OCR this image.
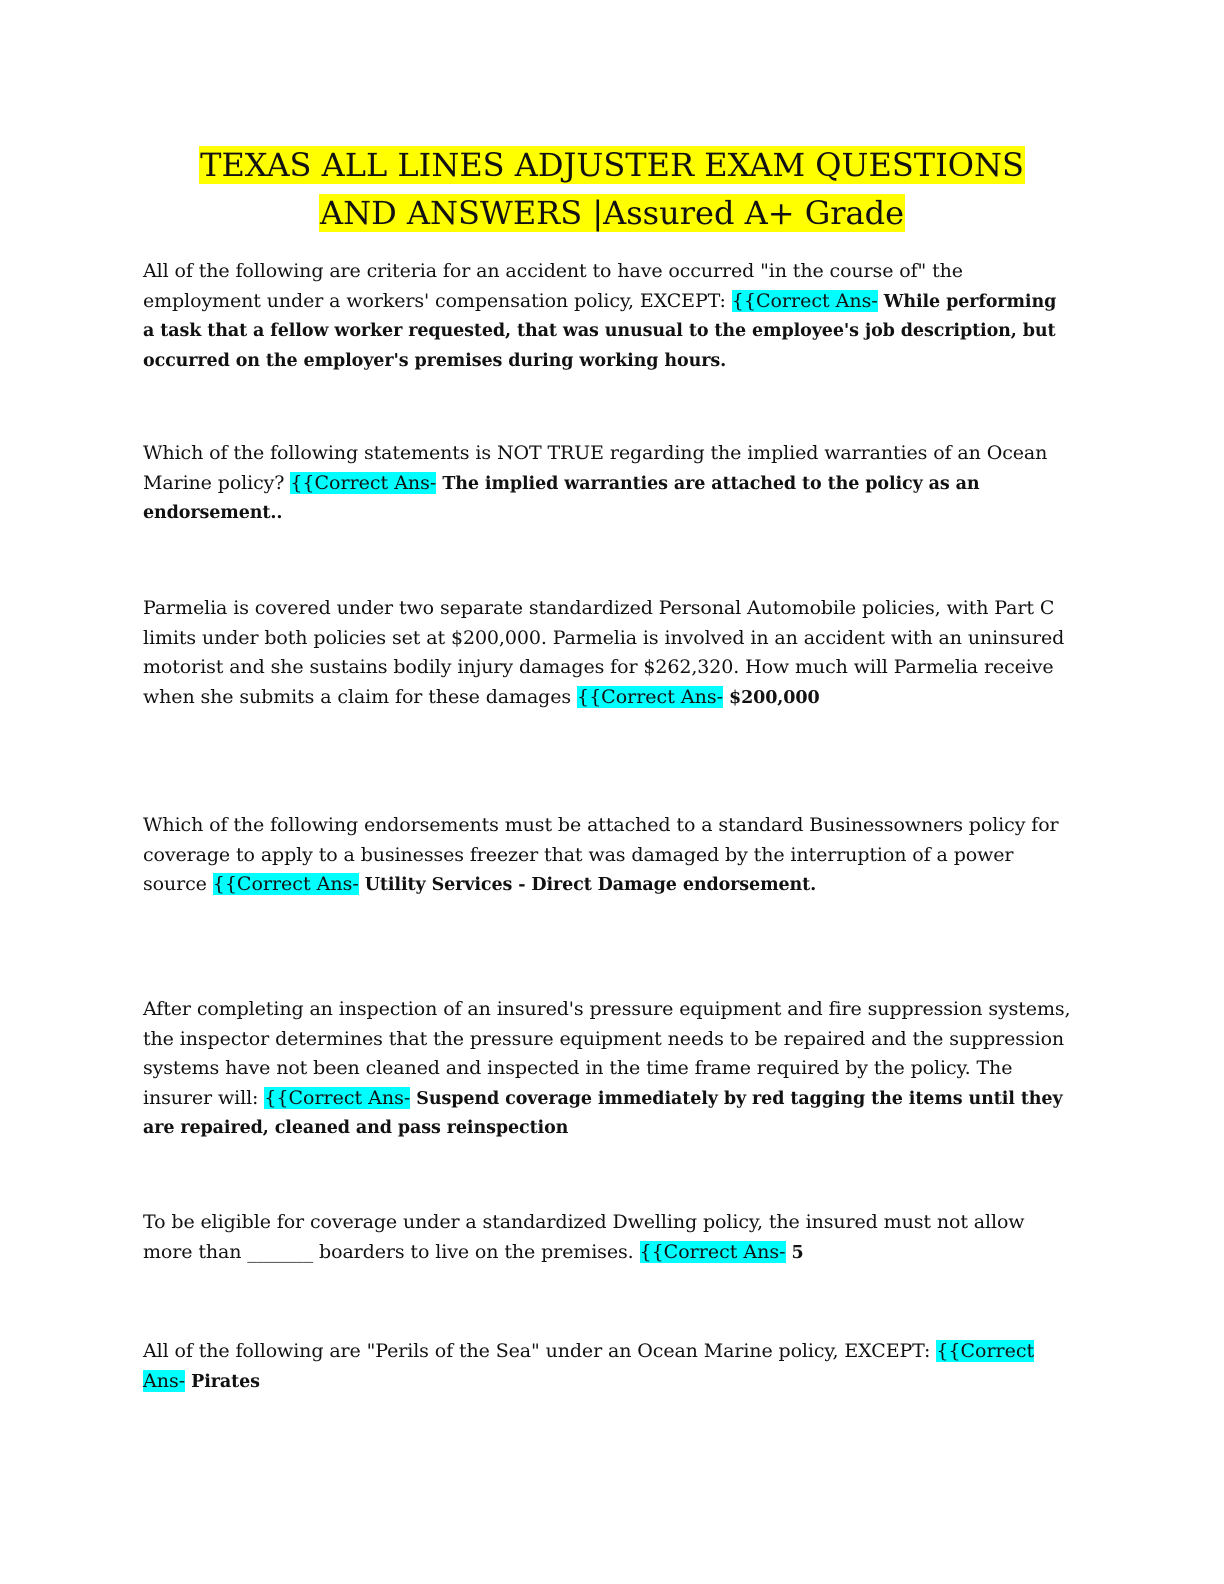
TEXAS ALL LINES ADJUSTER EXAM QUESTIONS
AND ANSWERS |Assured A+ Grade

All of the following are criteria for an accident to have occurred "in the course of" the employment under a workers' compensation policy, EXCEPT: {{Correct Ans- While performing a task that a fellow worker requested, that was unusual to the employee's job description, but occurred on the employer's premises during working hours.

Which of the following statements is NOT TRUE regarding the implied warranties of an Ocean Marine policy? {{Correct Ans- The implied warranties are attached to the policy as an endorsement..

Parmelia is covered under two separate standardized Personal Automobile policies, with Part C limits under both policies set at $200,000. Parmelia is involved in an accident with an uninsured motorist and she sustains bodily injury damages for $262,320. How much will Parmelia receive when she submits a claim for these damages {{Correct Ans- $200,000

Which of the following endorsements must be attached to a standard Businessowners policy for coverage to apply to a businesses freezer that was damaged by the interruption of a power source {{Correct Ans- Utility Services - Direct Damage endorsement.

After completing an inspection of an insured's pressure equipment and fire suppression systems, the inspector determines that the pressure equipment needs to be repaired and the suppression systems have not been cleaned and inspected in the time frame required by the policy. The insurer will: {{Correct Ans- Suspend coverage immediately by red tagging the items until they are repaired, cleaned and pass reinspection

To be eligible for coverage under a standardized Dwelling policy, the insured must not allow more than _______ boarders to live on the premises. {{Correct Ans- 5

All of the following are "Perils of the Sea" under an Ocean Marine policy, EXCEPT: {{Correct Ans- Pirates
